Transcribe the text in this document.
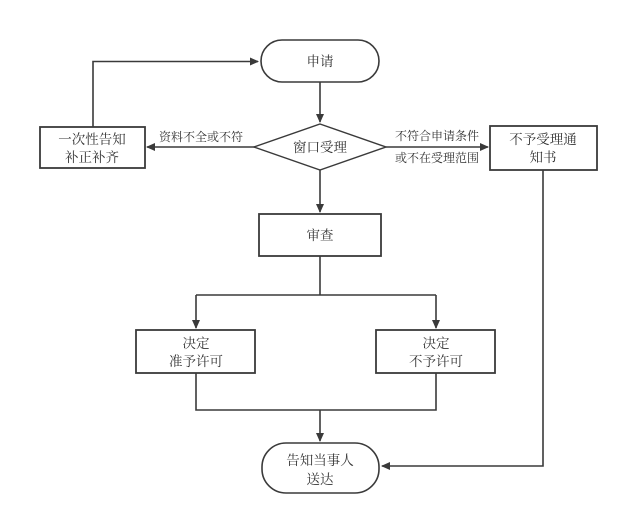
资料不全或不符	不符合申请条件
或不在受理范围
申请
窗口受理
一次性告知
补正补齐
不予受理通
知书
审查
决定
准予许可
决定
不予许可
告知当事人
送达
